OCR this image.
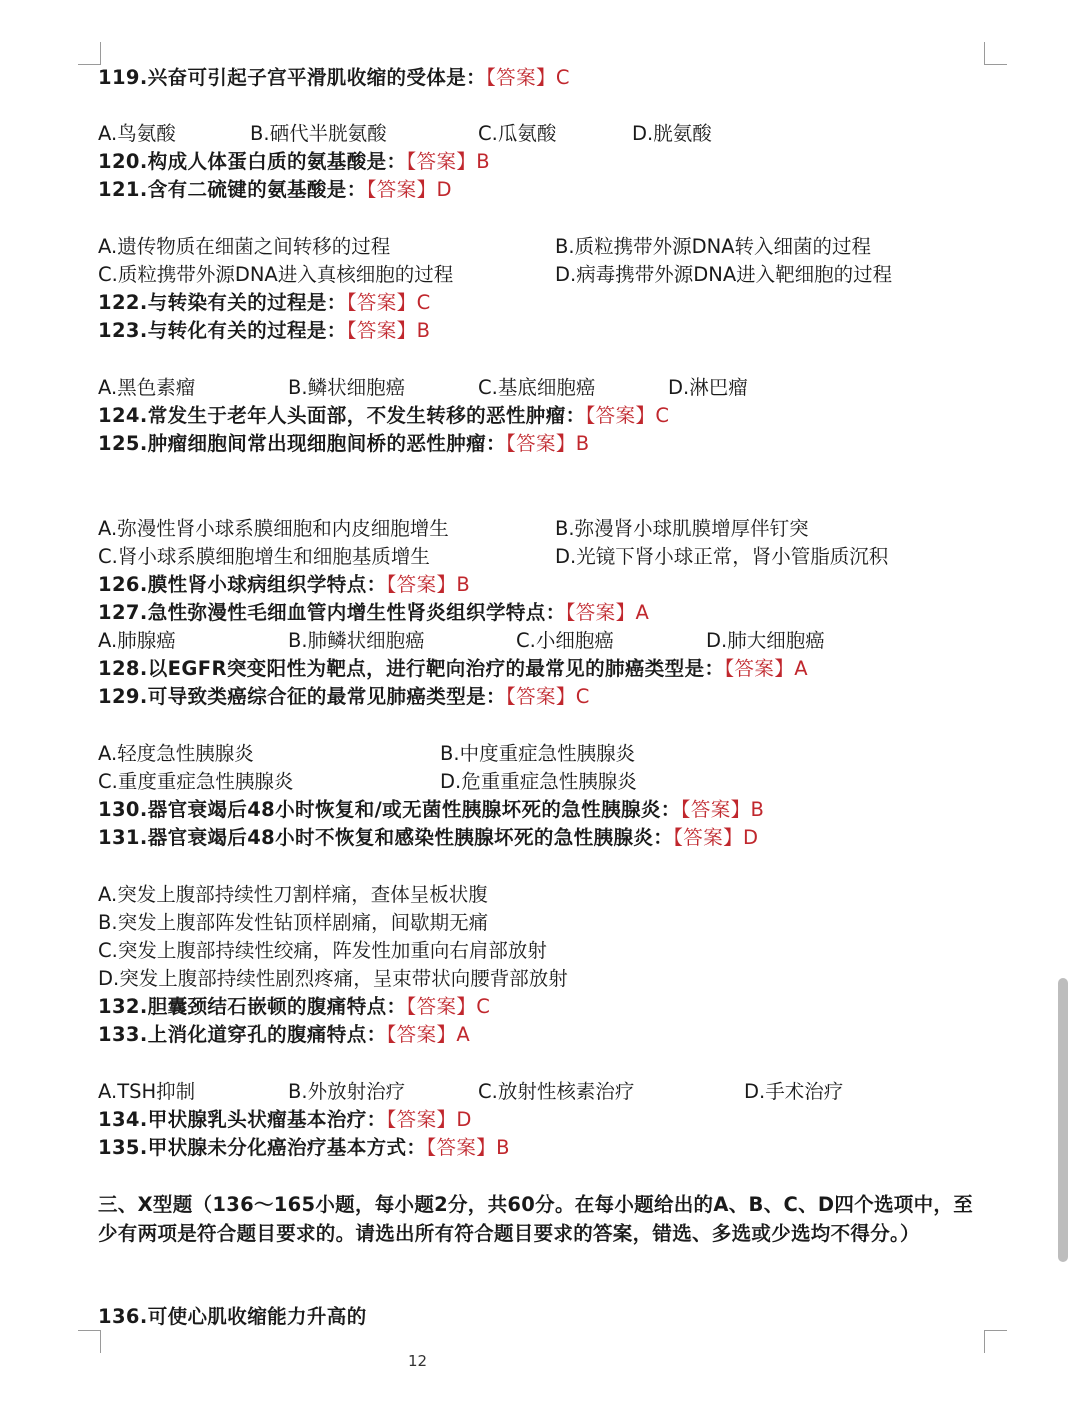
119.兴奋可引起子宫平滑肌收缩的受体是：【答案】C
A.鸟氨酸	B.硒代半胱氨酸	C.瓜氨酸	D.胱氨酸
120.构成人体蛋白质的氨基酸是：【答案】B
121.含有二硫键的氨基酸是：【答案】D
A.遗传物质在细菌之间转移的过程	B.质粒携带外源DNA转入细菌的过程
C.质粒携带外源DNA进入真核细胞的过程	D.病毒携带外源DNA进入靶细胞的过程
122.与转染有关的过程是：【答案】C
123.与转化有关的过程是：【答案】B
A.黑色素瘤	B.鳞状细胞癌	C.基底细胞癌	D.淋巴瘤
124.常发生于老年人头面部，不发生转移的恶性肿瘤：【答案】C
125.肿瘤细胞间常出现细胞间桥的恶性肿瘤：【答案】B
A.弥漫性肾小球系膜细胞和内皮细胞增生	B.弥漫肾小球肌膜增厚伴钉突
C.肾小球系膜细胞增生和细胞基质增生	D.光镜下肾小球正常，肾小管脂质沉积
126.膜性肾小球病组织学特点：【答案】B
127.急性弥漫性毛细血管内增生性肾炎组织学特点：【答案】A
A.肺腺癌	B.肺鳞状细胞癌	C.小细胞癌	D.肺大细胞癌
128.以EGFR突变阳性为靶点，进行靶向治疗的最常见的肺癌类型是：【答案】A
129.可导致类癌综合征的最常见肺癌类型是：【答案】C
A.轻度急性胰腺炎	B.中度重症急性胰腺炎
C.重度重症急性胰腺炎	D.危重重症急性胰腺炎
130.器官衰竭后48小时恢复和/或无菌性胰腺坏死的急性胰腺炎：【答案】B
131.器官衰竭后48小时不恢复和感染性胰腺坏死的急性胰腺炎：【答案】D
A.突发上腹部持续性刀割样痛，查体呈板状腹
B.突发上腹部阵发性钻顶样剧痛，间歇期无痛
C.突发上腹部持续性绞痛，阵发性加重向右肩部放射
D.突发上腹部持续性剧烈疼痛，呈束带状向腰背部放射
132.胆囊颈结石嵌顿的腹痛特点：【答案】C
133.上消化道穿孔的腹痛特点：【答案】A
A.TSH抑制	B.外放射治疗	C.放射性核素治疗	D.手术治疗
134.甲状腺乳头状瘤基本治疗：【答案】D
135.甲状腺未分化癌治疗基本方式：【答案】B
三、X型题（136～165小题，每小题2分，共60分。在每小题给出的A、B、C、D四个选项中，至少有两项是符合题目要求的。请选出所有符合题目要求的答案，错选、多选或少选均不得分。）
136.可使心肌收缩能力升高的
12
